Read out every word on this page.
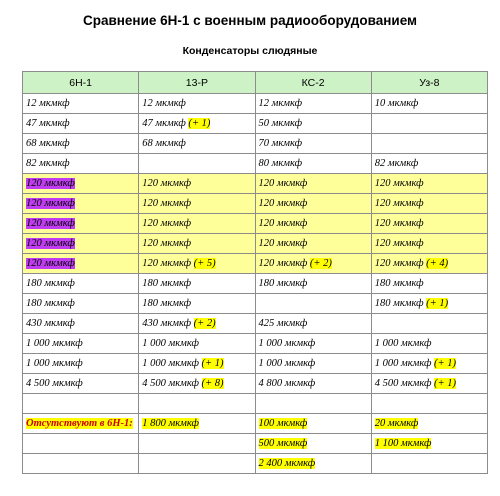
Сравнение 6Н-1 с военным радиооборудованием
Конденсаторы слюдяные
6Н-1	13-Р	КС-2	Уз-8
12 мкмкф	12 мкмкф	12 мкмкф	10 мкмкф
47 мкмкф	47 мкмкф (+ 1)	50 мкмкф	
68 мкмкф	68 мкмкф	70 мкмкф	
82 мкмкф		80 мкмкф	82 мкмкф
120 мкмкф	120 мкмкф	120 мкмкф	120 мкмкф
120 мкмкф	120 мкмкф	120 мкмкф	120 мкмкф
120 мкмкф	120 мкмкф	120 мкмкф	120 мкмкф
120 мкмкф	120 мкмкф	120 мкмкф	120 мкмкф
120 мкмкф	120 мкмкф (+ 5)	120 мкмкф (+ 2)	120 мкмкф (+ 4)
180 мкмкф	180 мкмкф	180 мкмкф	180 мкмкф
180 мкмкф	180 мкмкф		180 мкмкф (+ 1)
430 мкмкф	430 мкмкф (+ 2)	425 мкмкф	
1 000 мкмкф	1 000 мкмкф	1 000 мкмкф	1 000 мкмкф
1 000 мкмкф	1 000 мкмкф (+ 1)	1 000 мкмкф	1 000 мкмкф (+ 1)
4 500 мкмкф	4 500 мкмкф (+ 8)	4 800 мкмкф	4 500 мкмкф (+ 1)

Отсутствуют в 6Н-1:	1 800 мкмкф	100 мкмкф	20 мкмкф
		500 мкмкф	1 100 мкмкф
		2 400 мкмкф	
